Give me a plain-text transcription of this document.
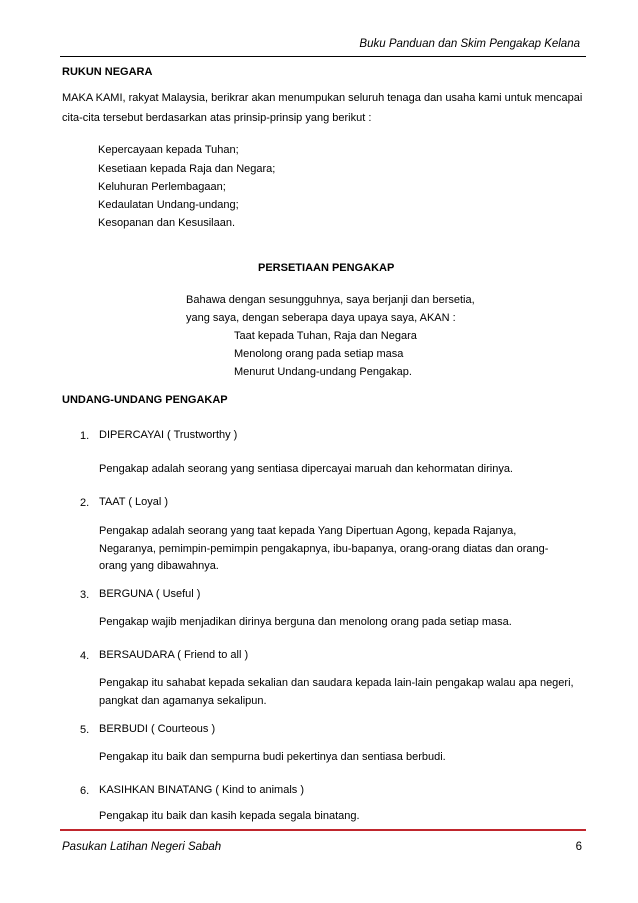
Buku Panduan dan Skim Pengakap Kelana
RUKUN NEGARA
MAKA KAMI, rakyat Malaysia, berikrar akan menumpukan seluruh tenaga dan usaha kami untuk mencapai
cita-cita tersebut berdasarkan atas prinsip-prinsip yang berikut :
Kepercayaan kepada Tuhan;
Kesetiaan kepada Raja dan Negara;
Keluhuran Perlembagaan;
Kedaulatan Undang-undang;
Kesopanan dan Kesusilaan.
PERSETIAAN PENGAKAP
Bahawa dengan sesungguhnya, saya berjanji dan bersetia,
yang saya, dengan seberapa daya upaya saya, AKAN :
Taat kepada Tuhan, Raja dan Negara
Menolong orang pada setiap masa
Menurut Undang-undang Pengakap.
UNDANG-UNDANG PENGAKAP
1. DIPERCAYAI ( Trustworthy )
Pengakap adalah seorang yang sentiasa dipercayai maruah dan kehormatan dirinya.
2. TAAT ( Loyal )
Pengakap adalah seorang yang taat kepada Yang Dipertuan Agong, kepada Rajanya,
Negaranya, pemimpin-pemimpin pengakapnya, ibu-bapanya, orang-orang diatas dan orang-
orang yang dibawahnya.
3. BERGUNA ( Useful )
Pengakap wajib menjadikan dirinya berguna dan menolong orang pada setiap masa.
4. BERSAUDARA ( Friend to all )
Pengakap itu sahabat kepada sekalian dan saudara kepada lain-lain pengakap walau apa negeri,
pangkat dan agamanya sekalipun.
5. BERBUDI ( Courteous )
Pengakap itu baik dan sempurna budi pekertinya dan sentiasa berbudi.
6. KASIHKAN BINATANG ( Kind to animals )
Pengakap itu baik dan kasih kepada segala binatang.
Pasukan Latihan Negeri Sabah	6
